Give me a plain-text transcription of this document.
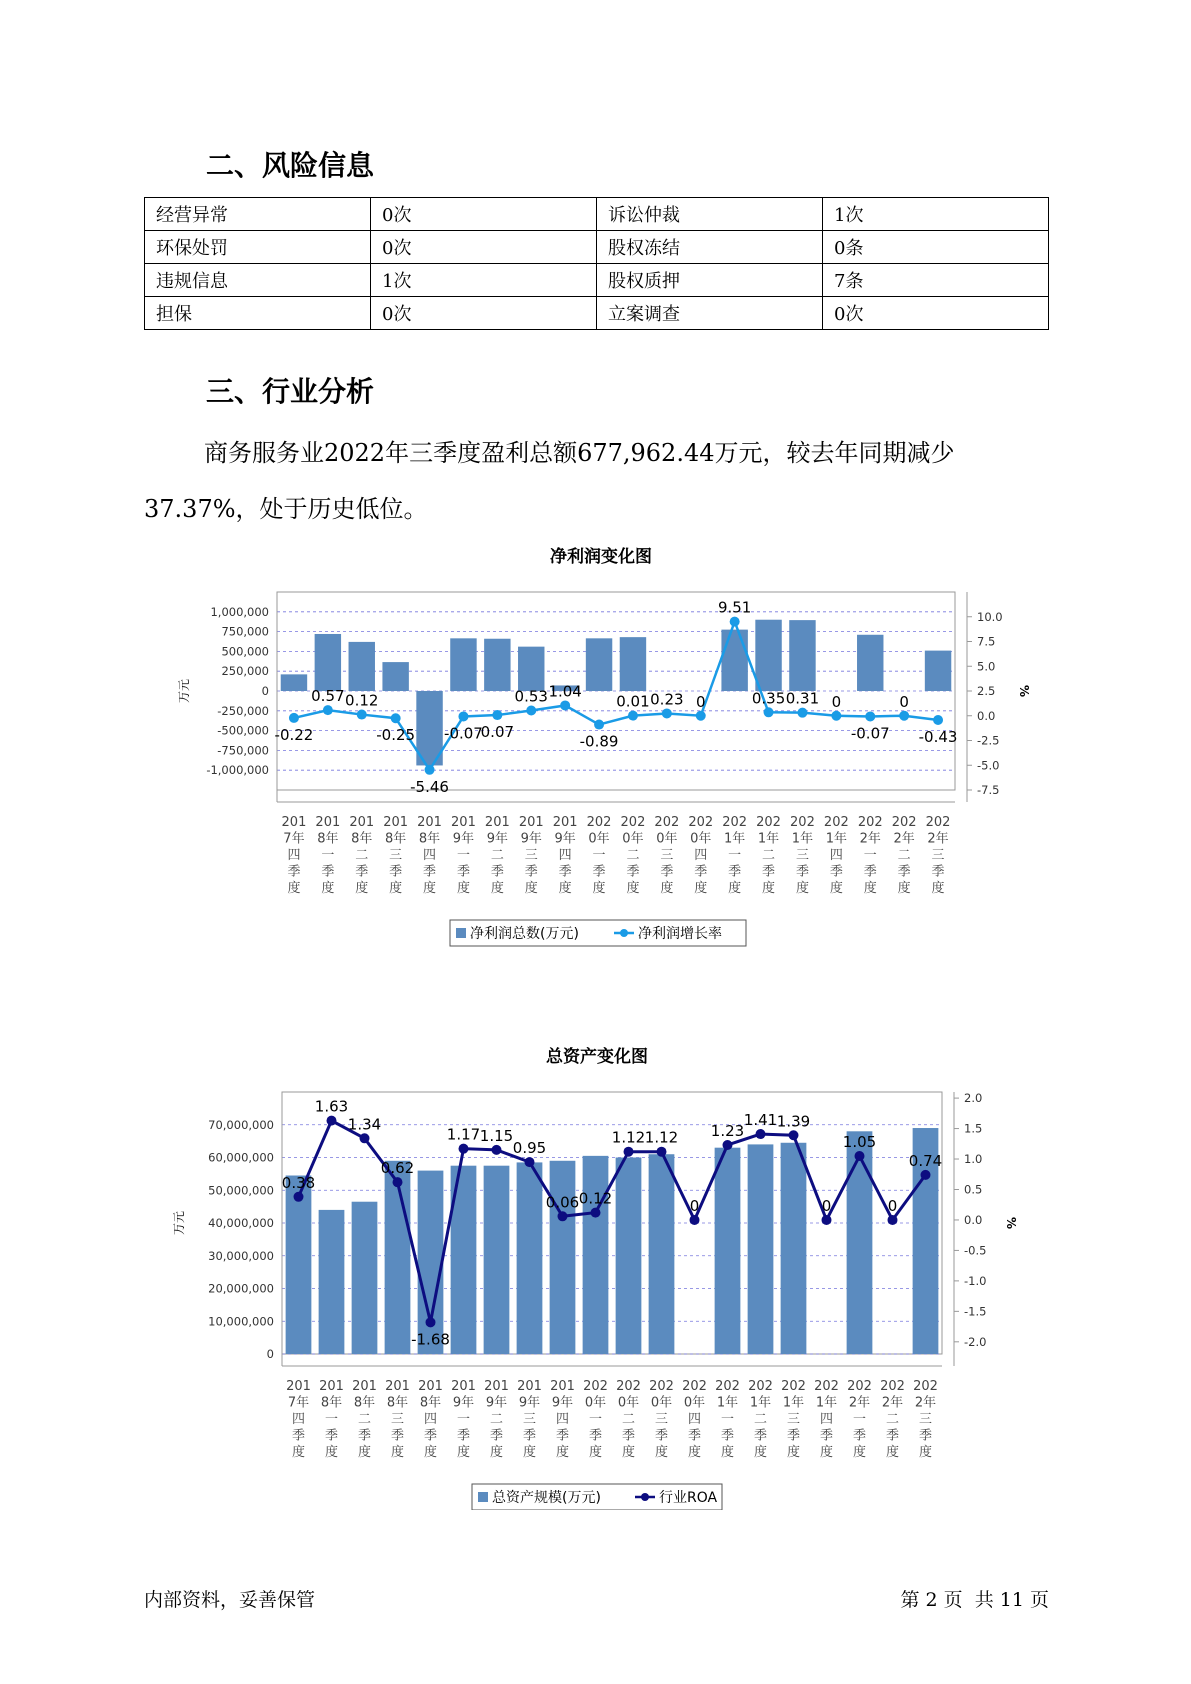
二、风险信息
经营异常	0次	诉讼仲裁	1次
环保处罚	0次	股权冻结	0条
违规信息	1次	股权质押	7条
担保	0次	立案调查	0次
三、行业分析
商务服务业2022年三季度盈利总额677,962.44万元，较去年同期减少
37.37%，处于历史低位。
净利润变化图
1,000,000
750,000
500,000
250,000
0
-250,000
-500,000
-750,000
-1,000,000
10.0
7.5
5.0
2.5
0.0
-2.5
-5.0
-7.5
万元	%
-0.22
0.57 0.12
-0.25
-5.46
-0.07
0.07
0.53 1.04
-0.89
0.01 0.23 0
9.51
0.35 0.31 0
-0.07
0
-0.43
201
7年
四
季
度
201
8年
一
季
度
201
8年
二
季
度
201
8年
三
季
度
201
8年
四
季
度
201
9年
一
季
度
201
9年
二
季
度
201
9年
三
季
度
201
9年
四
季
度
202
0年
一
季
度
202
0年
二
季
度
202
0年
三
季
度
202
0年
四
季
度
202
1年
一
季
度
202
1年
二
季
度
202
1年
三
季
度
202
1年
四
季
度
202
2年
一
季
度
202
2年
二
季
度
202
2年
三
季
度
净利润总数(万元)	净利润增长率
总资产变化图
70,000,000
60,000,000
50,000,000
40,000,000
30,000,000
20,000,000
10,000,000
0
2.0
1.5
1.0
0.5
0.0
-0.5
-1.0
-1.5
-2.0
万元	%
0.38
1.63
1.34
0.62
-1.68
1.17 1.15
0.95
0.06 0.12
1.12 1.12
0
1.23
1.41 1.39
0
1.05
0
0.74
201
7年
四
季
度
201
8年
一
季
度
201
8年
二
季
度
201
8年
三
季
度
201
8年
四
季
度
201
9年
一
季
度
201
9年
二
季
度
201
9年
三
季
度
201
9年
四
季
度
202
0年
一
季
度
202
0年
二
季
度
202
0年
三
季
度
202
0年
四
季
度
202
1年
一
季
度
202
1年
二
季
度
202
1年
三
季
度
202
1年
四
季
度
202
2年
一
季
度
202
2年
二
季
度
202
2年
三
季
度
总资产规模(万元)	行业ROA
内部资料，妥善保管	第 2 页  共 11 页
